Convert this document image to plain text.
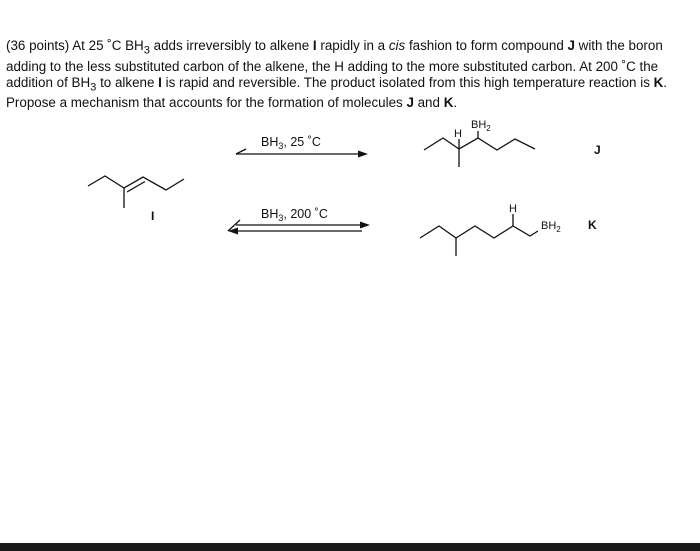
(36 points) At 25 ˚C $BH_3$ adds irreversibly to alkene I rapidly in a cis fashion to form compound J with the boron adding to the less substituted carbon of the alkene, the H adding to the more substituted carbon. At 200 ˚C the addition of $BH_3$ to alkene I is rapid and reversible. The product isolated from this high temperature reaction is K. Propose a mechanism that accounts for the formation of molecules J and K.
I
$BH_3$, 25 ˚C
$BH_3$, 200 ˚C
H
$BH_2$
J
H
$BH_2$ K
